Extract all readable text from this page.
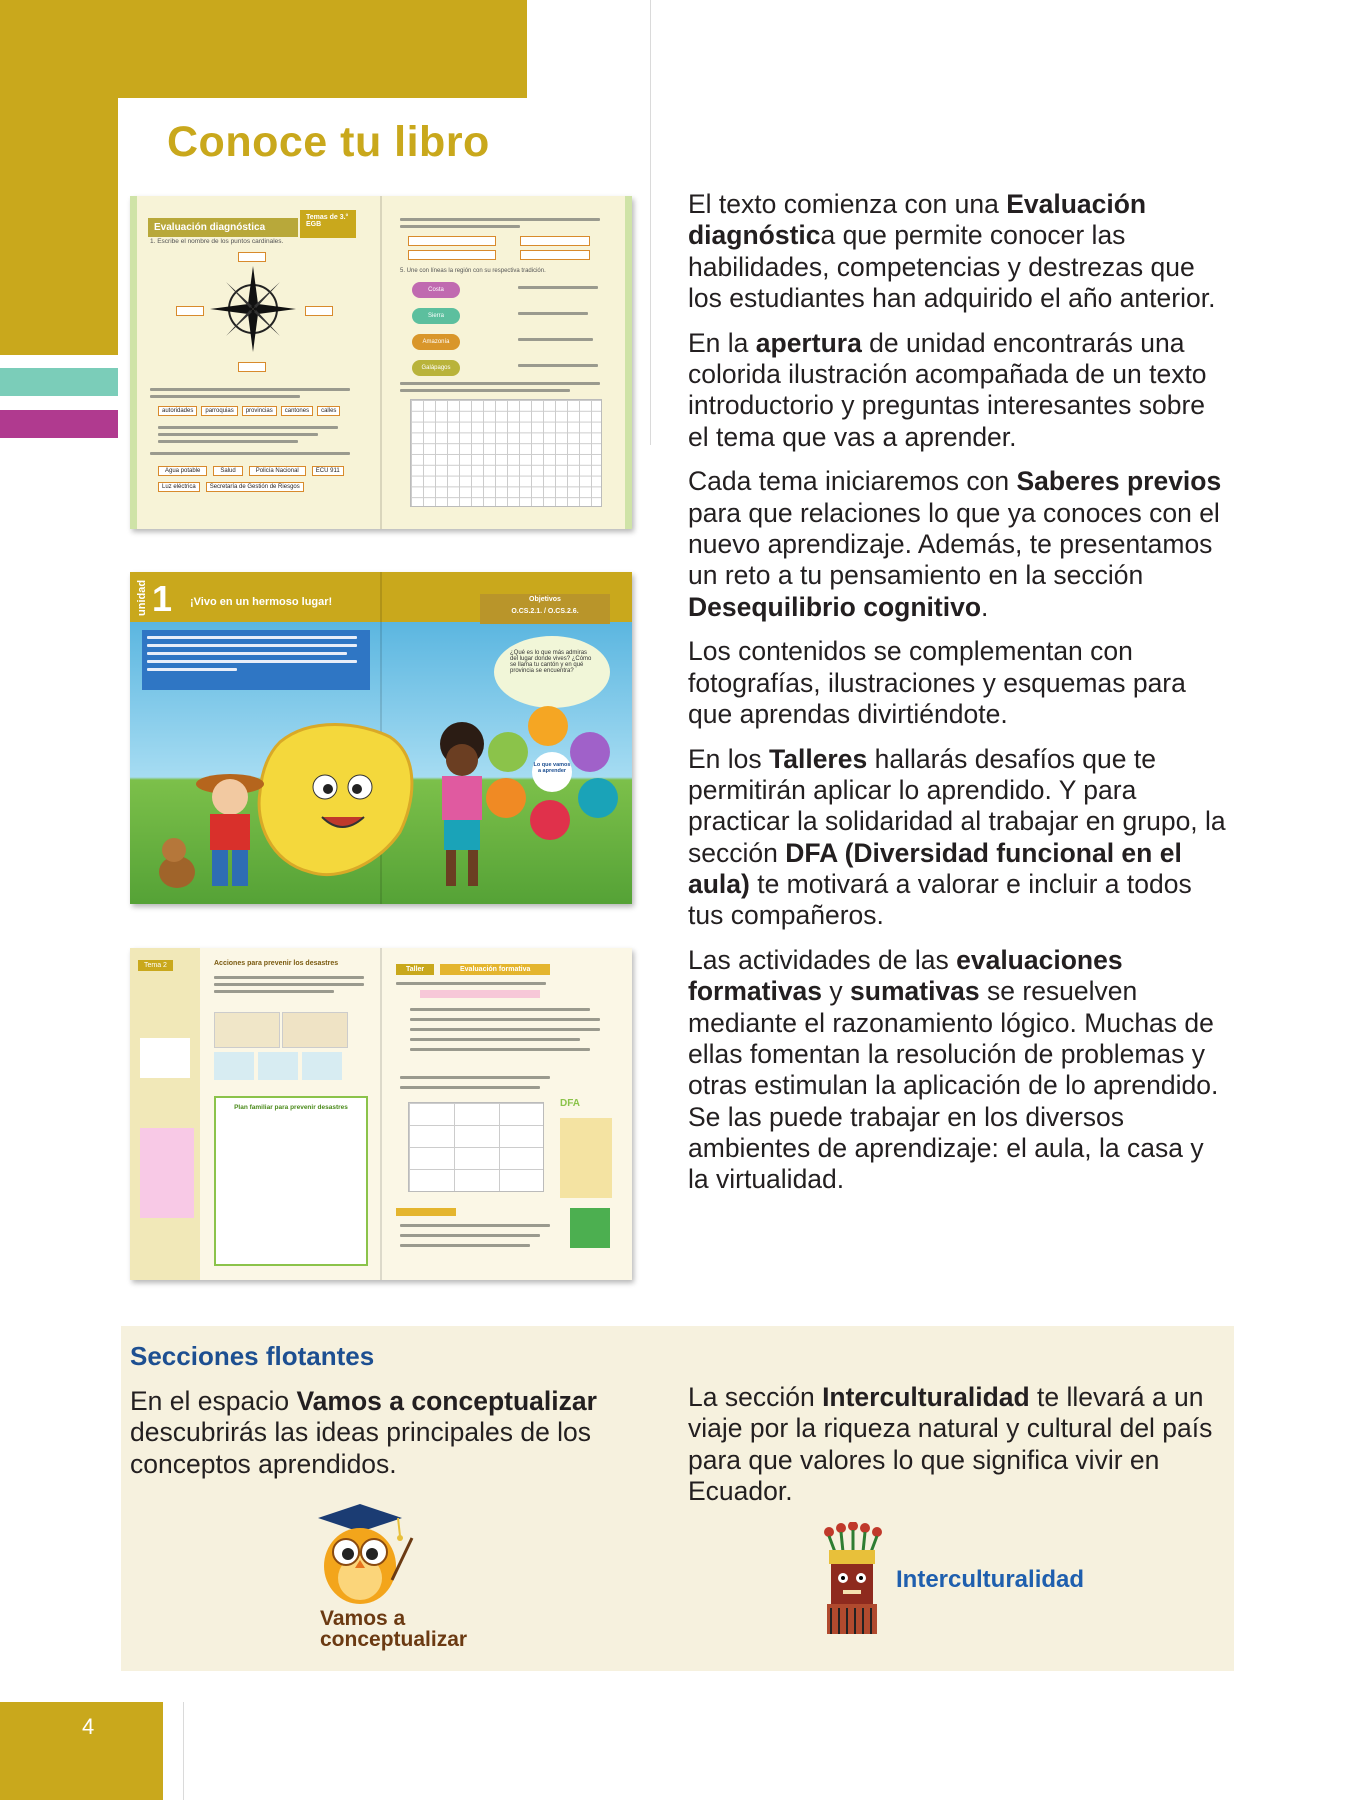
Conoce tu libro
Evaluación diagnóstica
Temas de 3.° EGB
1. Escribe el nombre de los puntos cardinales.
autoridades	parroquias	provincias	cantones	calles
Agua potable	Salud	Policía Nacional	ECU 911
Luz eléctrica	Secretaría de Gestión de Riesgos
5. Une con líneas la región con su respectiva tradición.
Costa
Sierra
Amazonía
Galápagos
unidad 1 ¡Vivo en un hermoso lugar!	Objetivos
O.CS.2.1. / O.CS.2.6.
¿Qué es lo que más admiras del lugar donde vives? ¿Cómo se llama tu cantón y en qué provincia se encuentra?
Lo que vamos a aprender
Tema 2	Acciones para prevenir los desastres
Plan familiar para prevenir desastres
Taller	Evaluación formativa
DFA

El texto comienza con una Evaluación diagnóstica que permite conocer las habilidades, competencias y destrezas que los estudiantes han adquirido el año anterior.

En la apertura de unidad encontrarás una colorida ilustración acompañada de un texto introductorio y preguntas interesantes sobre el tema que vas a aprender.

Cada tema iniciaremos con Saberes previos para que relaciones lo que ya conoces con el nuevo aprendizaje. Además, te presentamos un reto a tu pensamiento en la sección Desequilibrio cognitivo.

Los contenidos se complementan con fotografías, ilustraciones y esquemas para que aprendas divirtiéndote.

En los Talleres hallarás desafíos que te permitirán aplicar lo aprendido. Y para practicar la solidaridad al trabajar en grupo, la sección DFA (Diversidad funcional en el aula) te motivará a valorar e incluir a todos tus compañeros.

Las actividades de las evaluaciones formativas y sumativas se resuelven mediante el razonamiento lógico. Muchas de ellas fomentan la resolución de problemas y otras estimulan la aplicación de lo aprendido. Se las puede trabajar en los diversos ambientes de aprendizaje: el aula, la casa y la virtualidad.

Secciones flotantes
En el espacio Vamos a conceptualizar descubrirás las ideas principales de los conceptos aprendidos.
La sección Interculturalidad te llevará a un viaje por la riqueza natural y cultural del país para que valores lo que significa vivir en Ecuador.
Vamos a
conceptualizar
Interculturalidad
4
